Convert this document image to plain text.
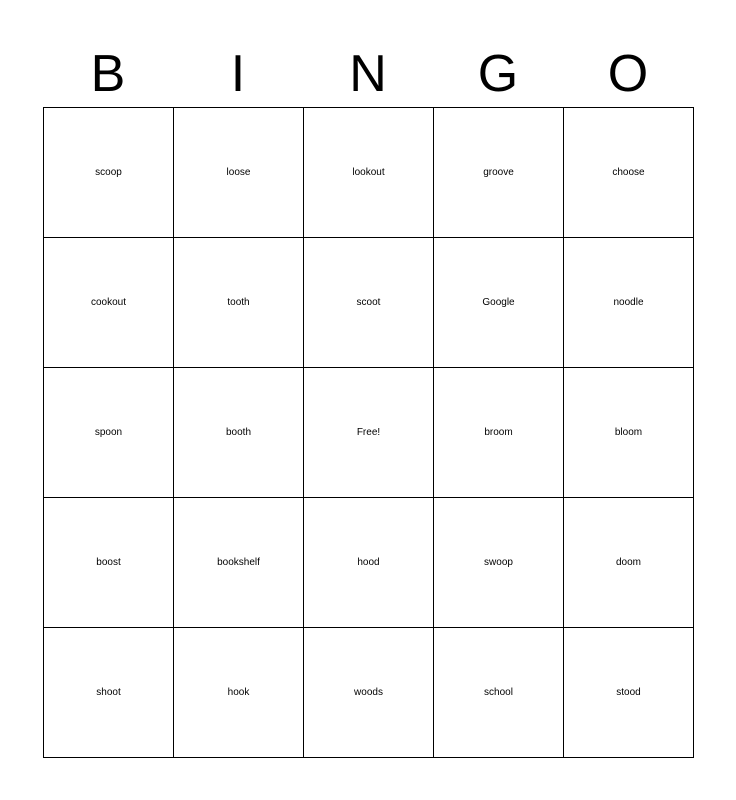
B	I	N	G	O
scoop	loose	lookout	groove	choose
cookout	tooth	scoot	Google	noodle
spoon	booth	Free!	broom	bloom
boost	bookshelf	hood	swoop	doom
shoot	hook	woods	school	stood
